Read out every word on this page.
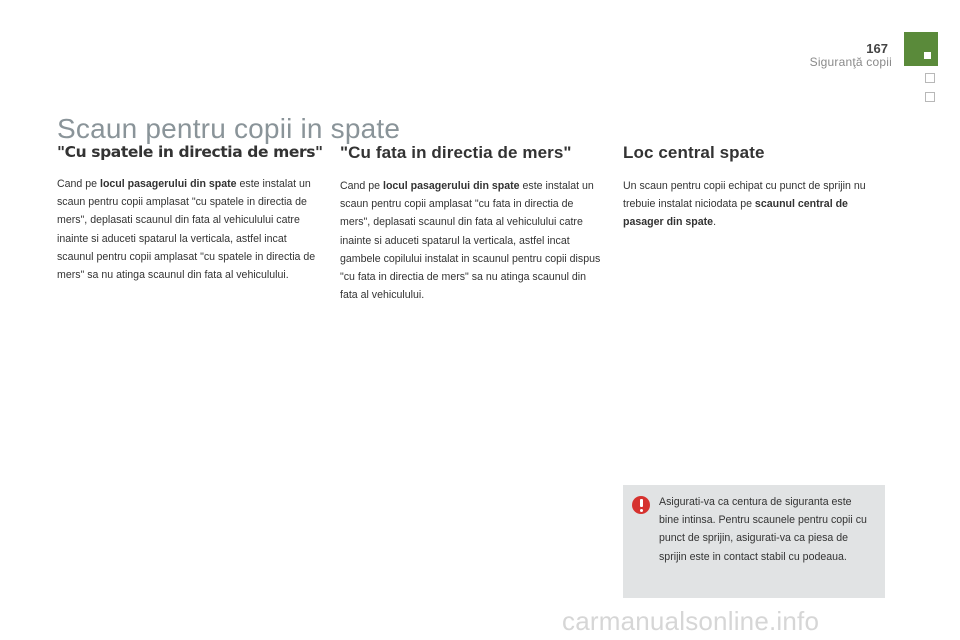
167
Siguranţă copii
Scaun pentru copii in spate
"Cu spatele in directia de mers"

Cand pe locul pasagerului din spate este instalat un scaun pentru copii amplasat "cu spatele in directia de mers", deplasati scaunul din fata al vehiculului catre inainte si aduceti spatarul la verticala, astfel incat scaunul pentru copii amplasat "cu spatele in directia de mers" sa nu atinga scaunul din fata al vehiculului.

"Cu fata in directia de mers"

Cand pe locul pasagerului din spate este instalat un scaun pentru copii amplasat "cu fata in directia de mers", deplasati scaunul din fata al vehiculului catre inainte si aduceti spatarul la verticala, astfel incat gambele copilului instalat in scaunul pentru copii dispus "cu fata in directia de mers" sa nu atinga scaunul din fata al vehiculului.

Loc central spate

Un scaun pentru copii echipat cu punct de sprijin nu trebuie instalat niciodata pe scaunul central de pasager din spate.

Asigurati-va ca centura de siguranta este bine intinsa. Pentru scaunele pentru copii cu punct de sprijin, asigurati-va ca piesa de sprijin este in contact stabil cu podeaua.
carmanualsonline.info
